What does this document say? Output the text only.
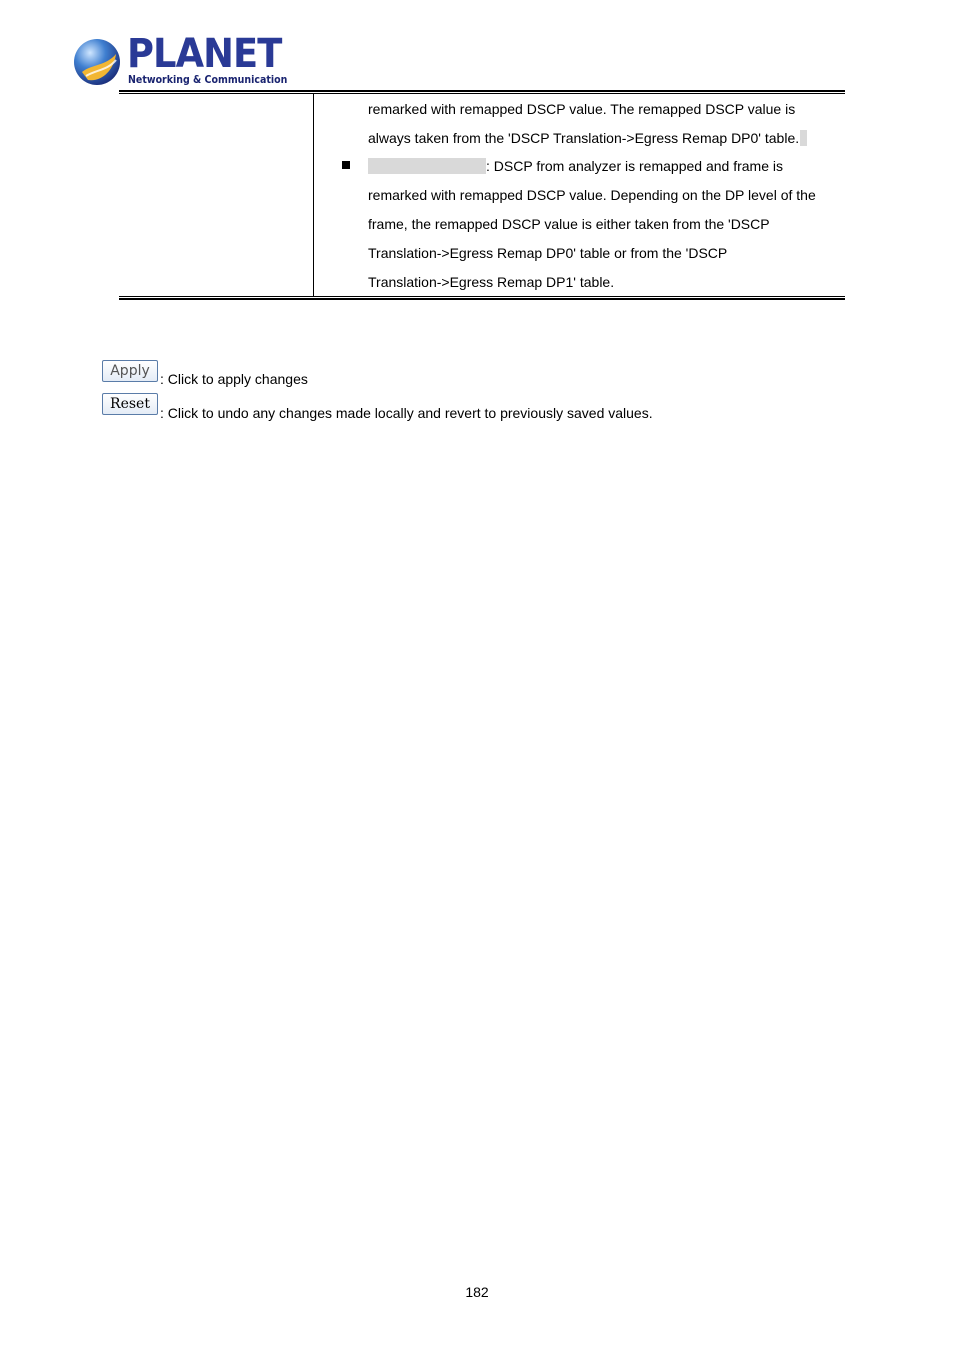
PLANET
Networking & Communication
remarked with remapped DSCP value. The remapped DSCP value is
always taken from the 'DSCP Translation->Egress Remap DP0' table.
: DSCP from analyzer is remapped and frame is
remarked with remapped DSCP value. Depending on the DP level of the
frame, the remapped DSCP value is either taken from the 'DSCP
Translation->Egress Remap DP0' table or from the 'DSCP
Translation->Egress Remap DP1' table.
Apply : Click to apply changes
Reset
: Click to undo any changes made locally and revert to previously saved values.
182
